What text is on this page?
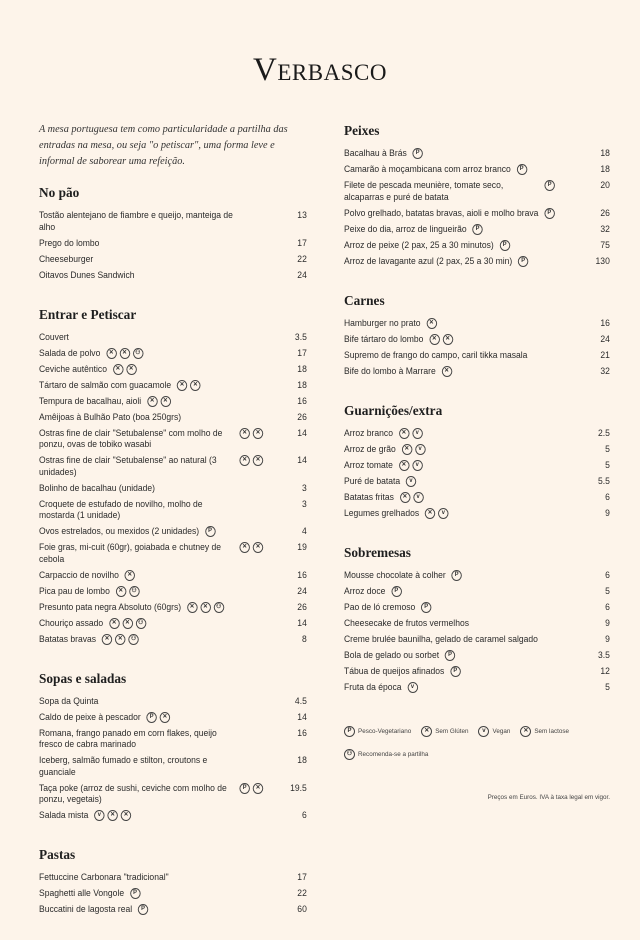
Verbasco

A mesa portuguesa tem como particularidade a partilha das entradas na mesa, ou seja "o petiscar", uma forma leve e informal de saborear uma refeição.

No pão
Tostão alentejano de fiambre e queijo, manteiga de alho
13
Prego do lombo	17
Cheeseburger	22
Oitavos Dunes Sandwich	24
Entrar e Petiscar
Couvert	3.5
Salada de polvo	✕	✕	⚇	17
Ceviche autêntico	✕	✕	18
Tártaro de salmão com guacamole	✕	✕	18
Tempura de bacalhau, aioli	✕	✕	16
Amêijoas à Bulhão Pato (boa 250grs)	26
Ostras fine de clair "Setubalense" com molho de ponzu, ovas de tobiko wasabi
✕	✕	14
Ostras fine de clair "Setubalense" ao natural (3 unidades)
✕	✕	14
Bolinho de bacalhau (unidade)	3
Croquete de estufado de novilho, molho de mostarda (1 unidade)
3
Ovos estrelados, ou mexidos (2 unidades)	P	4
Foie gras, mi-cuit (60gr), goiabada e chutney de cebola
✕	✕	19
Carpaccio de novilho	✕	16
Pica pau de lombo	✕	⚇	24
Presunto pata negra Absoluto (60grs)	✕	✕	⚇	26
Chouriço assado	✕	✕	⚇	14
Batatas bravas	✕	✕	⚇	8
Sopas e saladas
Sopa da Quinta	4.5
Caldo de peixe à pescador	P	✕	14
Romana, frango panado em corn flakes, queijo fresco de cabra marinado
16
Iceberg, salmão fumado e stilton, croutons e guanciale
18
Taça poke (arroz de sushi, ceviche com molho de ponzu, vegetais)
P	✕	19.5
Salada mista	v	✕	✕	6
Pastas
Fettuccine Carbonara "tradicional"	17
Spaghetti alle Vongole	P	22
Buccatini de lagosta real	P	60
Peixes
Bacalhau à Brás	P	18
Camarão à moçambicana com arroz branco	P	18
Filete de pescada meunière, tomate seco, alcaparras e puré de batata
P	20
Polvo grelhado, batatas bravas, aioli e molho brava	P	26
Peixe do dia, arroz de lingueirão	P	32
Arroz de peixe (2 pax, 25 a 30 minutos)	P	75
Arroz de lavagante azul (2 pax, 25 a 30 min)	P	130
Carnes
Hamburger no prato	✕	16
Bife tártaro do lombo	✕	✕	24
Supremo de frango do campo, caril tikka masala	21
Bife do lombo à Marrare	✕	32
Guarnições/extra
Arroz branco	✕	v	2.5
Arroz de grão	✕	v	5
Arroz tomate	✕	v	5
Puré de batata	v	5.5
Batatas fritas	✕	v	6
Legumes grelhados	✕	v	9
Sobremesas
Mousse chocolate à colher	P	6
Arroz doce	P	5
Pao de ló cremoso	P	6
Cheesecake de frutos vermelhos	9
Creme brulée baunilha, gelado de caramel salgado	9
Bola de gelado ou sorbet	P	3.5
Tábua de queijos afinados	P	12
Fruta da época	v	5
P	Pesco-Vegetariano	✕ Sem Glúten	v	Vegan	✕ Sem lactose
⚇ Recomenda-se a partilha
Preços em Euros. IVA à taxa legal em vigor.
